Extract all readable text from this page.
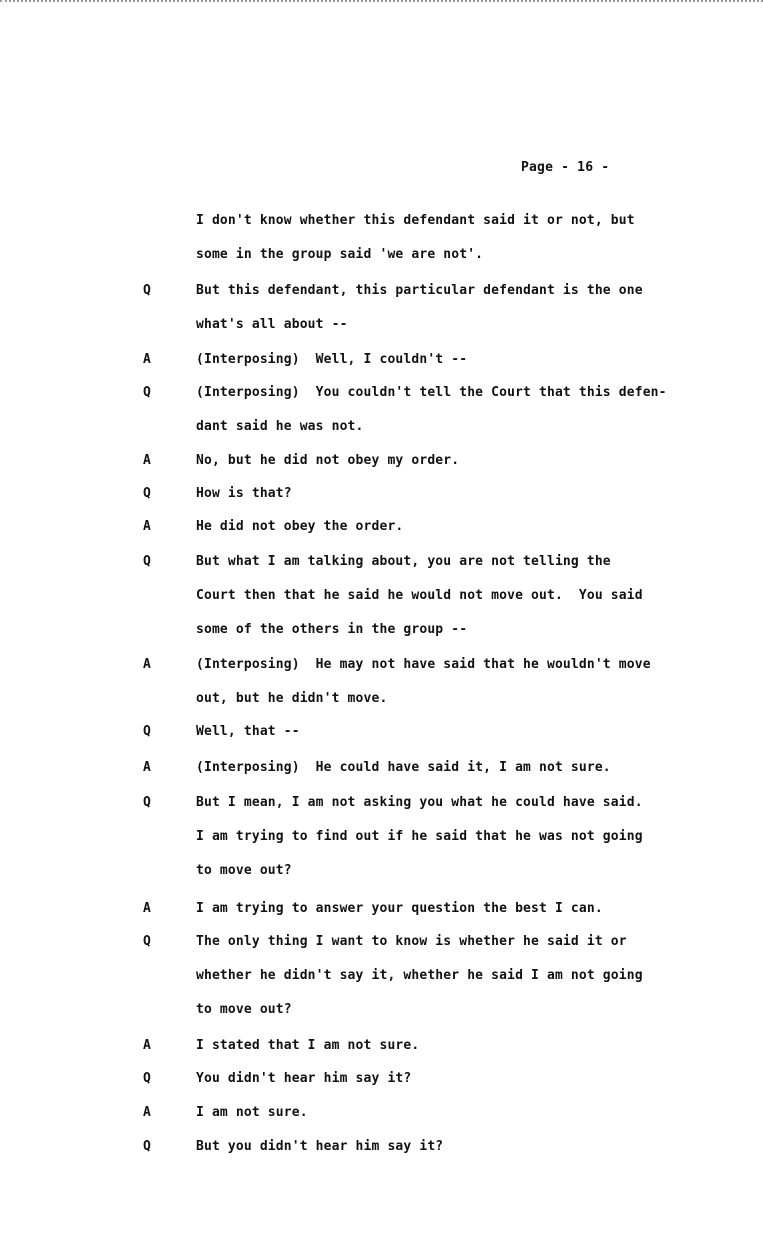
Page - 16 -
I don't know whether this defendant said it or not, but
some in the group said 'we are not'.
Q	But this defendant, this particular defendant is the one
what's all about --
A	(Interposing)  Well, I couldn't --
Q	(Interposing)  You couldn't tell the Court that this defen-
dant said he was not.
A	No, but he did not obey my order.
Q	How is that?
A	He did not obey the order.
Q	But what I am talking about, you are not telling the
Court then that he said he would not move out.  You said
some of the others in the group --
A	(Interposing)  He may not have said that he wouldn't move
out, but he didn't move.
Q	Well, that --
A	(Interposing)  He could have said it, I am not sure.
Q	But I mean, I am not asking you what he could have said.
I am trying to find out if he said that he was not going
to move out?
A	I am trying to answer your question the best I can.
Q	The only thing I want to know is whether he said it or
whether he didn't say it, whether he said I am not going
to move out?
A	I stated that I am not sure.
Q	You didn't hear him say it?
A	I am not sure.
Q	But you didn't hear him say it?
